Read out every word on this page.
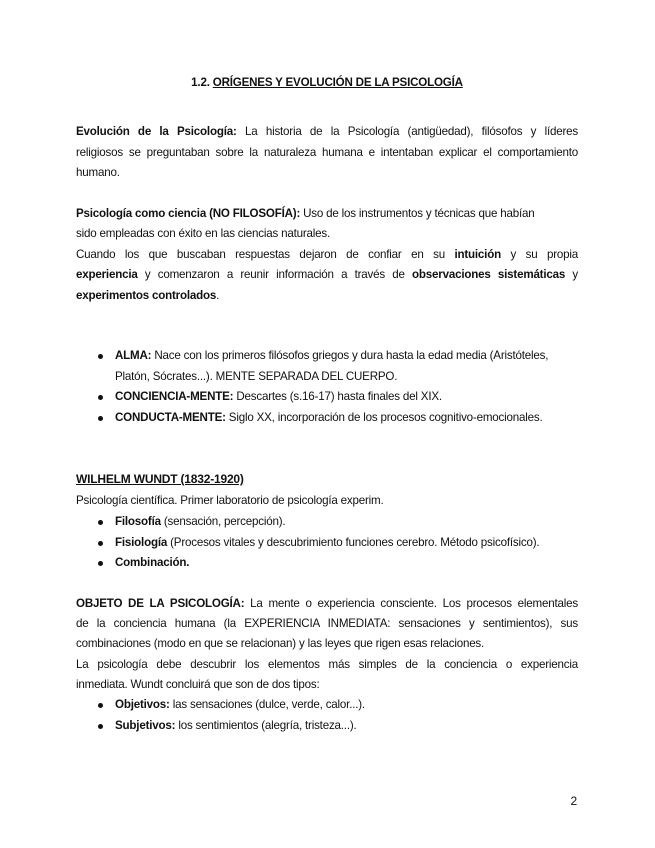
1.2. ORÍGENES Y EVOLUCIÓN DE LA PSICOLOGÍA

Evolución de la Psicología: La historia de la Psicología (antigüedad), filósofos y líderes

religiosos se preguntaban sobre la naturaleza humana e intentaban explicar el comportamiento

humano.

Psicología como ciencia (NO FILOSOFÍA): Uso de los instrumentos y técnicas que habían

sido empleadas con éxito en las ciencias naturales.

Cuando los que buscaban respuestas dejaron de confiar en su intuición y su propia

experiencia y comenzaron a reunir información a través de observaciones sistemáticas y

experimentos controlados.

ALMA: Nace con los primeros filósofos griegos y dura hasta la edad media (Aristóteles,
Platón, Sócrates...). MENTE SEPARADA DEL CUERPO.
CONCIENCIA-MENTE: Descartes (s.16-17) hasta finales del XIX.
CONDUCTA-MENTE: Siglo XX, incorporación de los procesos cognitivo-emocionales.
WILHELM WUNDT (1832-1920)

Psicología científica. Primer laboratorio de psicología experim.

Filosofía (sensación, percepción).
Fisiología (Procesos vitales y descubrimiento funciones cerebro. Método psicofísico).
Combinación.

OBJETO DE LA PSICOLOGÍA: La mente o experiencia consciente. Los procesos elementales

de la conciencia humana (la EXPERIENCIA INMEDIATA: sensaciones y sentimientos), sus

combinaciones (modo en que se relacionan) y las leyes que rigen esas relaciones.

La psicología debe descubrir los elementos más simples de la conciencia o experiencia

inmediata. Wundt concluirá que son de dos tipos:

Objetivos: las sensaciones (dulce, verde, calor...).
Subjetivos: los sentimientos (alegría, tristeza...).
2
